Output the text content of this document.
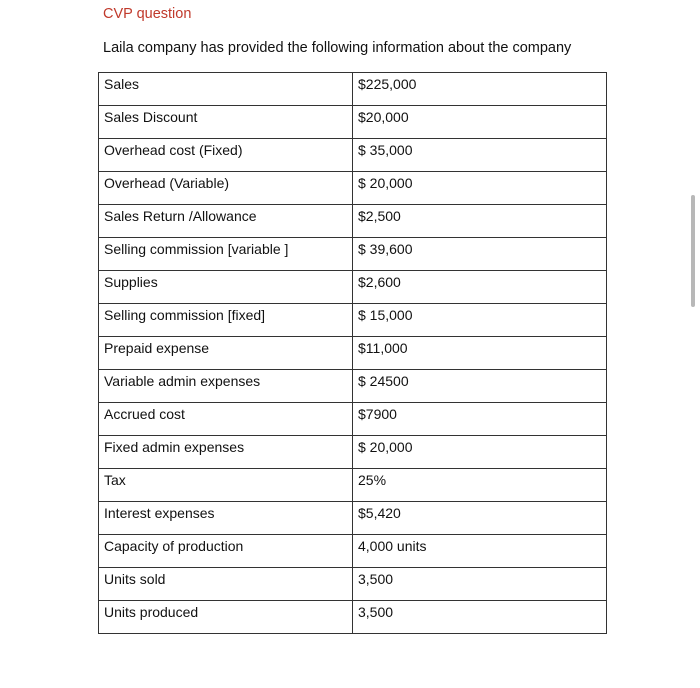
CVP question
Laila company has provided the following information about the company
Sales	$225,000
Sales Discount	$20,000
Overhead cost (Fixed)	$ 35,000
Overhead (Variable)	$ 20,000
Sales Return /Allowance	$2,500
Selling commission [variable ]	$ 39,600
Supplies	$2,600
Selling commission [fixed]	$ 15,000
Prepaid expense	$11,000
Variable admin expenses	$ 24500
Accrued cost	$7900
Fixed admin expenses	$ 20,000
Tax	25%
Interest expenses	$5,420
Capacity of production	4,000 units
Units sold	3,500
Units produced	3,500
